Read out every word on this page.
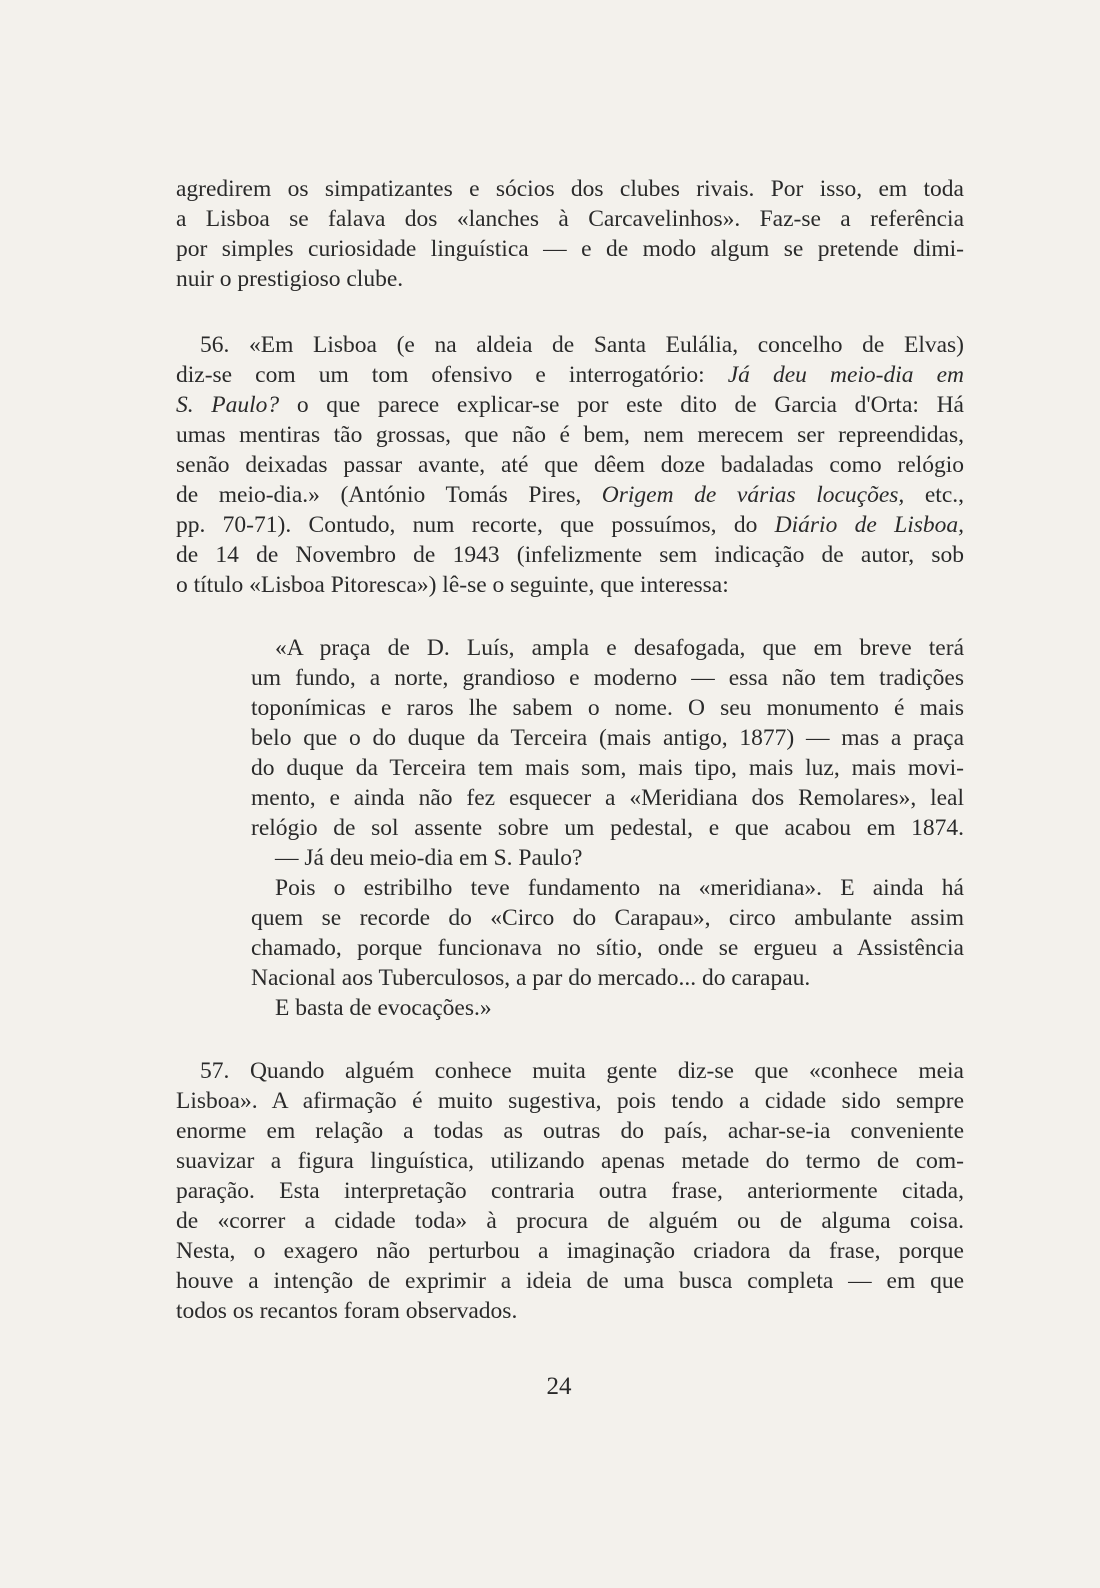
agredirem os simpatizantes e sócios dos clubes rivais. Por isso, em toda
a Lisboa se falava dos «lanches à Carcavelinhos». Faz-se a referência
por simples curiosidade linguística — e de modo algum se pretende dimi-
nuir o prestigioso clube.
56. «Em Lisboa (e na aldeia de Santa Eulália, concelho de Elvas)
diz-se com um tom ofensivo e interrogatório: Já deu meio-dia em
S. Paulo? o que parece explicar-se por este dito de Garcia d'Orta: Há
umas mentiras tão grossas, que não é bem, nem merecem ser repreendidas,
senão deixadas passar avante, até que dêem doze badaladas como relógio
de meio-dia.» (António Tomás Pires, Origem de várias locuções, etc.,
pp. 70-71). Contudo, num recorte, que possuímos, do Diário de Lisboa,
de 14 de Novembro de 1943 (infelizmente sem indicação de autor, sob
o título «Lisboa Pitoresca») lê-se o seguinte, que interessa:
«A praça de D. Luís, ampla e desafogada, que em breve terá
um fundo, a norte, grandioso e moderno — essa não tem tradições
toponímicas e raros lhe sabem o nome. O seu monumento é mais
belo que o do duque da Terceira (mais antigo, 1877) — mas a praça
do duque da Terceira tem mais som, mais tipo, mais luz, mais movi-
mento, e ainda não fez esquecer a «Meridiana dos Remolares», leal
relógio de sol assente sobre um pedestal, e que acabou em 1874.
— Já deu meio-dia em S. Paulo?
Pois o estribilho teve fundamento na «meridiana». E ainda há
quem se recorde do «Circo do Carapau», circo ambulante assim
chamado, porque funcionava no sítio, onde se ergueu a Assistência
Nacional aos Tuberculosos, a par do mercado... do carapau.
E basta de evocações.»
57. Quando alguém conhece muita gente diz-se que «conhece meia
Lisboa». A afirmação é muito sugestiva, pois tendo a cidade sido sempre
enorme em relação a todas as outras do país, achar-se-ia conveniente
suavizar a figura linguística, utilizando apenas metade do termo de com-
paração. Esta interpretação contraria outra frase, anteriormente citada,
de «correr a cidade toda» à procura de alguém ou de alguma coisa.
Nesta, o exagero não perturbou a imaginação criadora da frase, porque
houve a intenção de exprimir a ideia de uma busca completa — em que
todos os recantos foram observados.
24
